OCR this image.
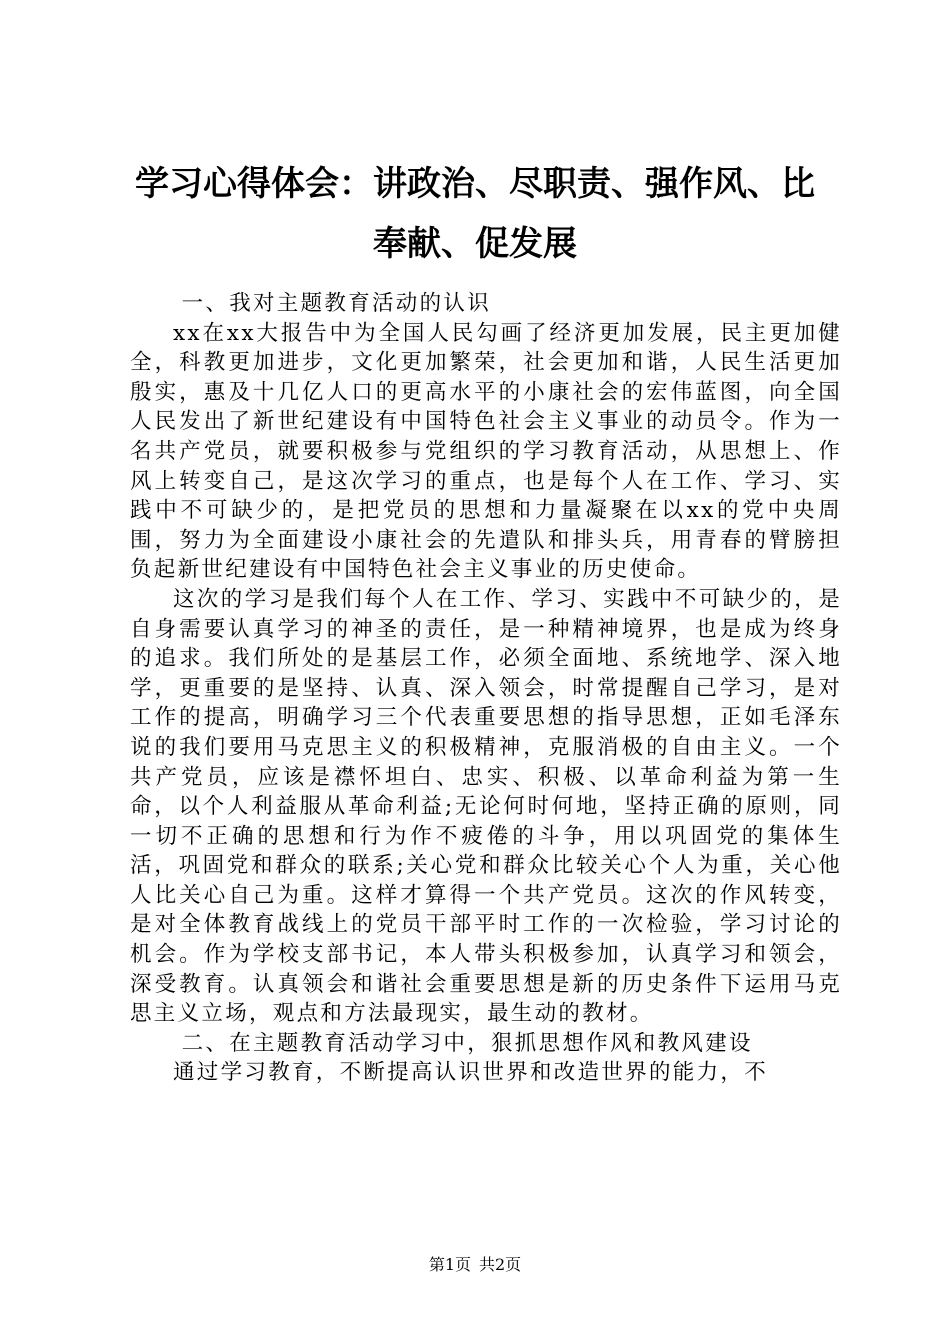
学习心得体会：讲政治、尽职责、强作风、比
奉献、促发展

一、我对主题教育活动的认识

xx在xx大报告中为全国人民勾画了经济更加发展，民主更加健全，科教更加进步，文化更加繁荣，社会更加和谐，人民生活更加殷实，惠及十几亿人口的更高水平的小康社会的宏伟蓝图，向全国人民发出了新世纪建设有中国特色社会主义事业的动员令。作为一名共产党员，就要积极参与党组织的学习教育活动，从思想上、作风上转变自己，是这次学习的重点，也是每个人在工作、学习、实践中不可缺少的，是把党员的思想和力量凝聚在以xx的党中央周围，努力为全面建设小康社会的先遣队和排头兵，用青春的臂膀担负起新世纪建设有中国特色社会主义事业的历史使命。

这次的学习是我们每个人在工作、学习、实践中不可缺少的，是自身需要认真学习的神圣的责任，是一种精神境界，也是成为终身的追求。我们所处的是基层工作，必须全面地、系统地学、深入地学，更重要的是坚持、认真、深入领会，时常提醒自己学习，是对工作的提高，明确学习三个代表重要思想的指导思想，正如毛泽东说的我们要用马克思主义的积极精神，克服消极的自由主义。一个共产党员，应该是襟怀坦白、忠实、积极、以革命利益为第一生命，以个人利益服从革命利益;无论何时何地，坚持正确的原则，同一切不正确的思想和行为作不疲倦的斗争，用以巩固党的集体生活，巩固党和群众的联系;关心党和群众比较关心个人为重，关心他人比关心自己为重。这样才算得一个共产党员。这次的作风转变，是对全体教育战线上的党员干部平时工作的一次检验，学习讨论的机会。作为学校支部书记，本人带头积极参加，认真学习和领会，深受教育。认真领会和谐社会重要思想是新的历史条件下运用马克思主义立场，观点和方法最现实，最生动的教材。

二、在主题教育活动学习中，狠抓思想作风和教风建设

通过学习教育，不断提高认识世界和改造世界的能力，不

第1页 共2页
